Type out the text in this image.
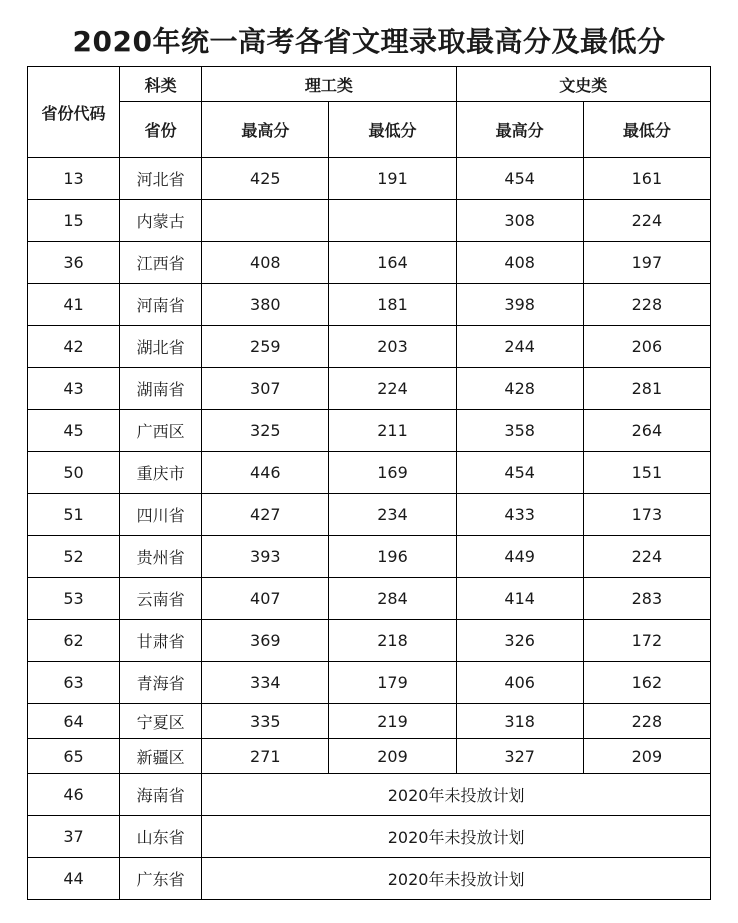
2020年统一高考各省文理录取最高分及最低分
省份代码	科类	理工类		文史类	
	省份	最高分	最低分	最高分	最低分
13	河北省	425	191	454	161
15	内蒙古			308	224
36	江西省	408	164	408	197
41	河南省	380	181	398	228
42	湖北省	259	203	244	206
43	湖南省	307	224	428	281
45	广西区	325	211	358	264
50	重庆市	446	169	454	151
51	四川省	427	234	433	173
52	贵州省	393	196	449	224
53	云南省	407	284	414	283
62	甘肃省	369	218	326	172
63	青海省	334	179	406	162
64	宁夏区	335	219	318	228
65	新疆区	271	209	327	209
46	海南省	2020年未投放计划			
37	山东省	2020年未投放计划			
44	广东省	2020年未投放计划			
